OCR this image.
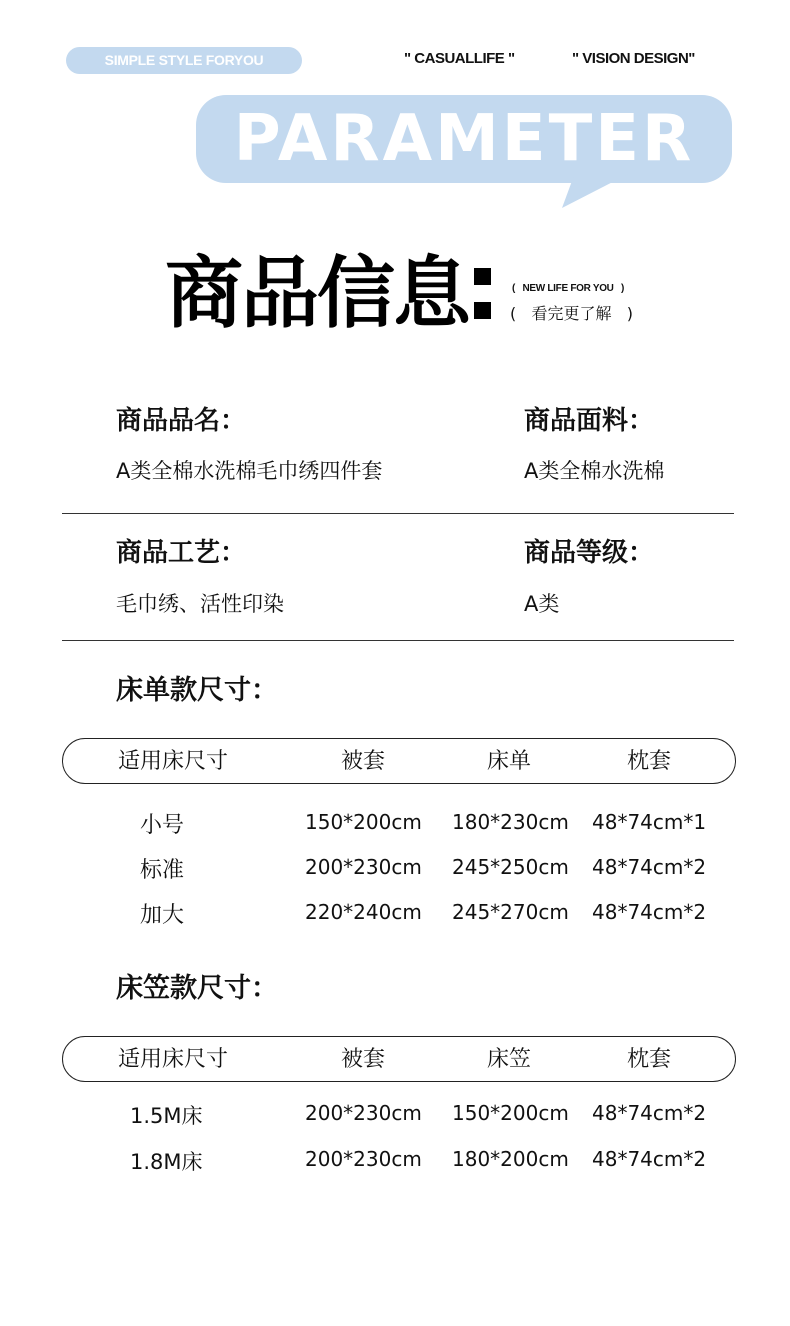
SIMPLE STYLE FORYOU	" CASUALLIFE "	" VISION DESIGN"
PARAMETER
商品信息	(   NEW LIFE FOR YOU   )
(   看完更了解   )
商品品名：
A类全棉水洗棉毛巾绣四件套
商品面料：
A类全棉水洗棉
商品工艺：
毛巾绣、活性印染
商品等级：
A类
床单款尺寸：
适用床尺寸	被套	床单	枕套
小号	150*200cm 180*230cm 48*74cm*1
标准	200*230cm 245*250cm 48*74cm*2
加大	220*240cm 245*270cm 48*74cm*2
床笠款尺寸：
适用床尺寸	被套	床笠	枕套
1.5M床	200*230cm 150*200cm 48*74cm*2
1.8M床	200*230cm 180*200cm 48*74cm*2
